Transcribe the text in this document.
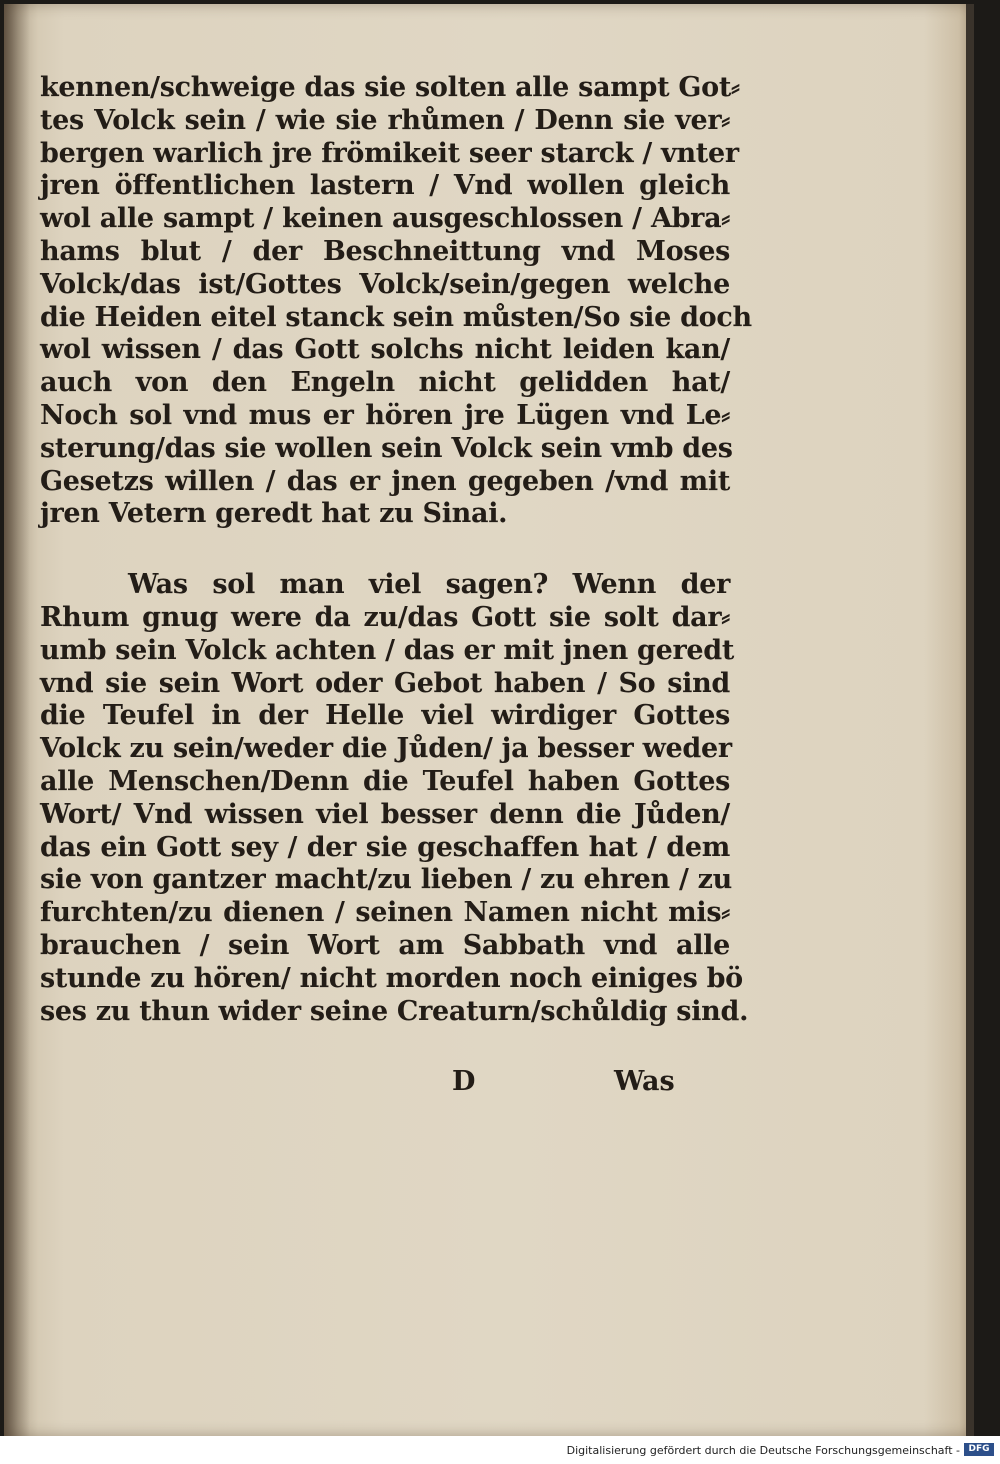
kennen/schweige das sie solten alle sampt Got⸗
tes Volck sein / wie sie rhůmen / Denn sie ver⸗
bergen warlich jre frömikeit seer starck / vnter
jren öffentlichen lastern / Vnd wollen gleich
wol alle sampt / keinen ausgeschlossen / Abra⸗
hams blut / der Beschneittung vnd Moses
Volck/das ist/Gottes Volck/sein/gegen welche
die Heiden eitel stanck sein můsten/So sie doch
wol wissen / das Gott solchs nicht leiden kan/
auch von den Engeln nicht gelidden hat/
Noch sol vnd mus er hören jre Lügen vnd Le⸗
sterung/das sie wollen sein Volck sein vmb des
Gesetzs willen / das er jnen gegeben /vnd mit
jren Vetern geredt hat zu Sinai.
Was sol man viel sagen? Wenn der
Rhum gnug were da zu/das Gott sie solt dar⸗
umb sein Volck achten / das er mit jnen geredt
vnd sie sein Wort oder Gebot haben / So sind
die Teufel in der Helle viel wirdiger Gottes
Volck zu sein/weder die Jůden/ ja besser weder
alle Menschen/Denn die Teufel haben Gottes
Wort/ Vnd wissen viel besser denn die Jůden/
das ein Gott sey / der sie geschaffen hat / dem
sie von gantzer macht/zu lieben / zu ehren / zu
furchten/zu dienen / seinen Namen nicht mis⸗
brauchen / sein Wort am Sabbath vnd alle
stunde zu hören/ nicht morden noch einiges bö
ses zu thun wider seine Creaturn/schůldig sind.
D	Was
Digitalisierung gefördert durch die Deutsche Forschungsgemeinschaft - DFG
